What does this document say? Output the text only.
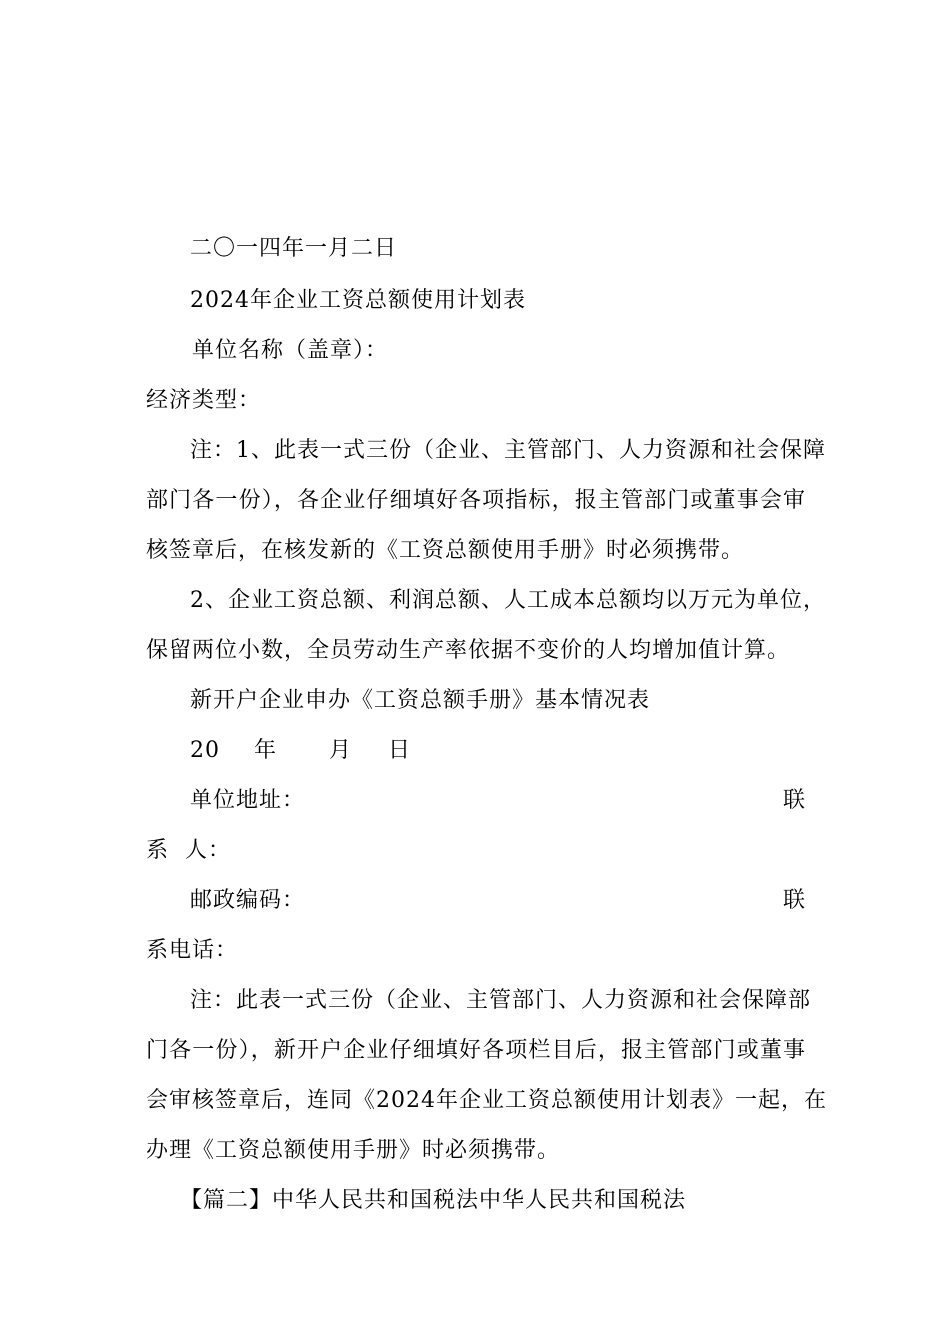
二〇一四年一月二日
2024年企业工资总额使用计划表
单位名称（盖章）：
经济类型：
注：1、此表一式三份（企业、主管部门、人力资源和社会保障
部门各一份），各企业仔细填好各项指标，报主管部门或董事会审
核签章后，在核发新的《工资总额使用手册》时必须携带。
2、企业工资总额、利润总额、人工成本总额均以万元为单位，
保留两位小数，全员劳动生产率依据不变价的人均增加值计算。
新开户企业申办《工资总额手册》基本情况表
20 年 月 日
单位地址：	联
系  人：
邮政编码：	联
系电话：
注：此表一式三份（企业、主管部门、人力资源和社会保障部
门各一份），新开户企业仔细填好各项栏目后，报主管部门或董事
会审核签章后，连同《2024年企业工资总额使用计划表》一起，在
办理《工资总额使用手册》时必须携带。
【篇二】中华人民共和国税法中华人民共和国税法
